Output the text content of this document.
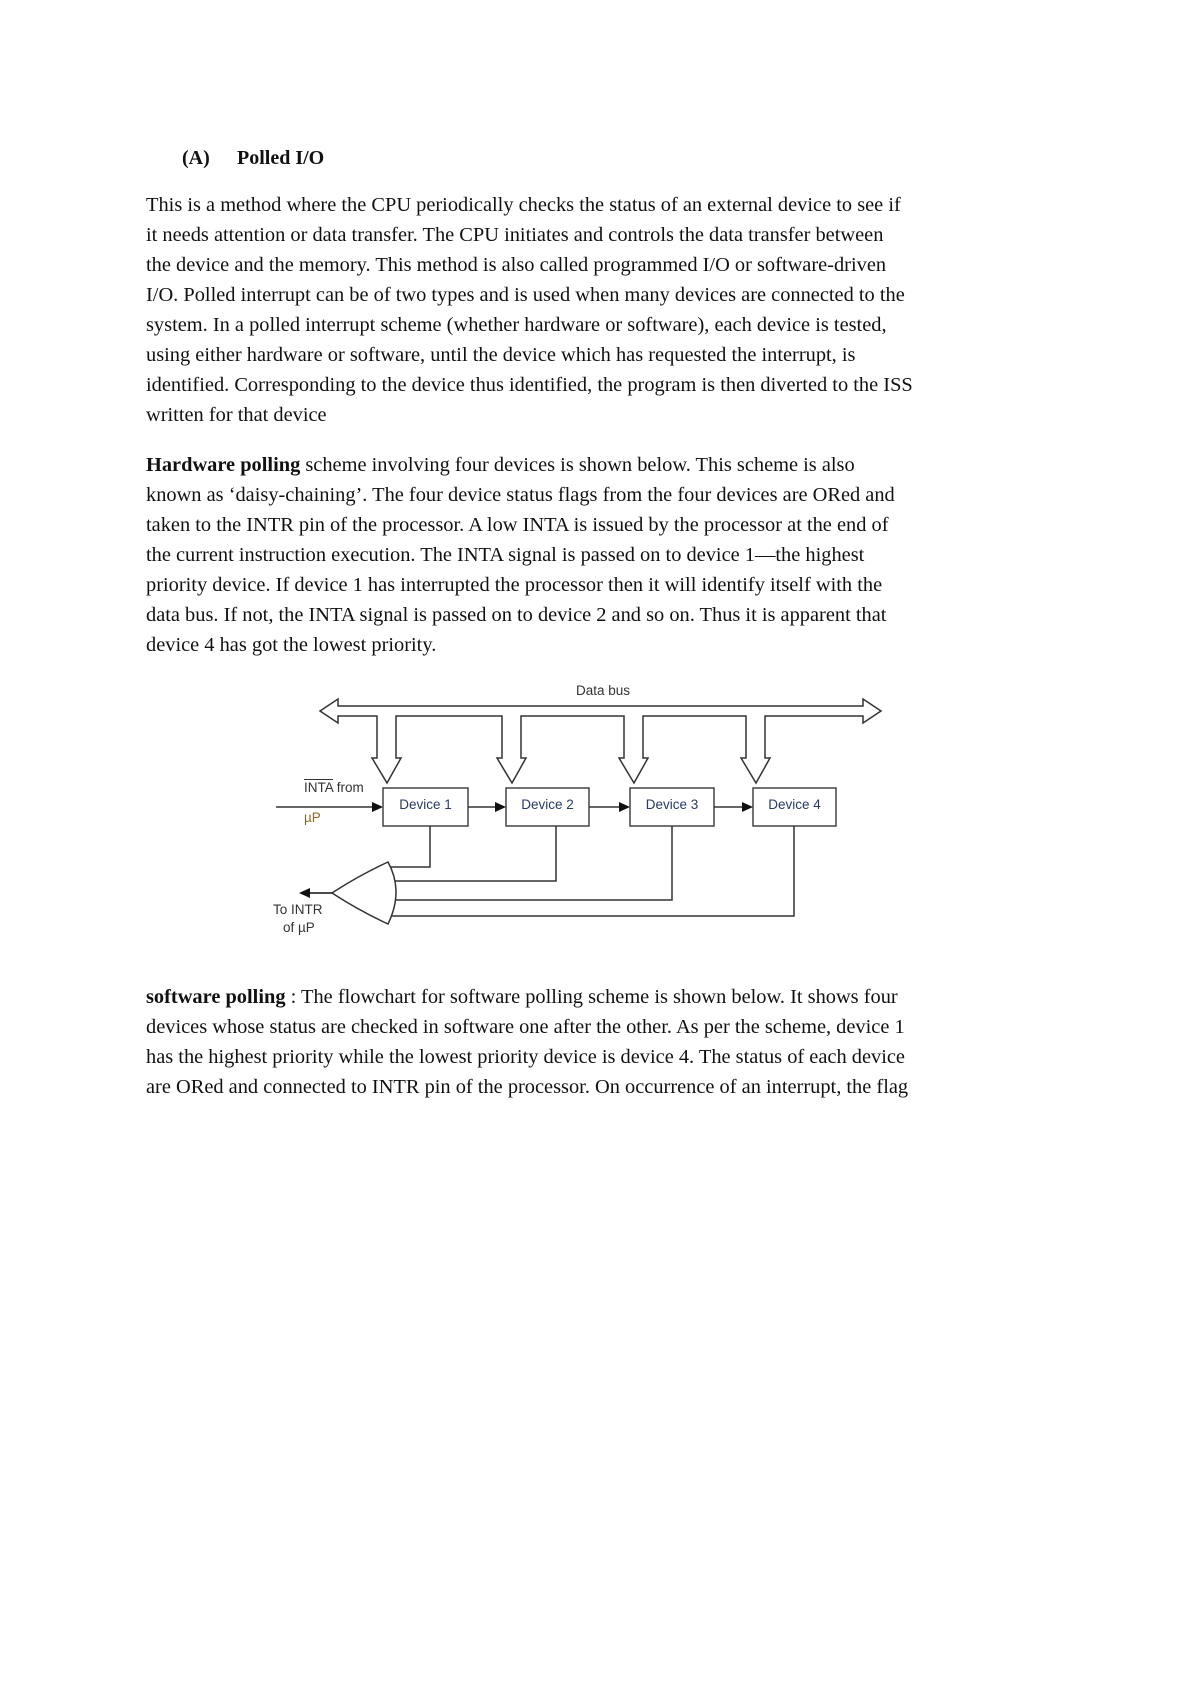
(A) Polled I/O

This is a method where the CPU periodically checks the status of an external device to see if
it needs attention or data transfer. The CPU initiates and controls the data transfer between
the device and the memory. This method is also called programmed I/O or software-driven
I/O. Polled interrupt can be of two types and is used when many devices are connected to the
system. In a polled interrupt scheme (whether hardware or software), each device is tested,
using either hardware or software, until the device which has requested the interrupt, is
identified. Corresponding to the device thus identified, the program is then diverted to the ISS
written for that device

Hardware polling scheme involving four devices is shown below. This scheme is also
known as ‘daisy-chaining’. The four device status flags from the four devices are ORed and
taken to the INTR pin of the processor. A low INTA is issued by the processor at the end of
the current instruction execution. The INTA signal is passed on to device 1—the highest
priority device. If device 1 has interrupted the processor then it will identify itself with the
data bus. If not, the INTA signal is passed on to device 2 and so on. Thus it is apparent that
device 4 has got the lowest priority.

Data bus
Device 1	Device 2	Device 3	Device 4
INTA from
µP
To INTR
of µP

software polling : The flowchart for software polling scheme is shown below. It shows four
devices whose status are checked in software one after the other. As per the scheme, device 1
has the highest priority while the lowest priority device is device 4. The status of each device
are ORed and connected to INTR pin of the processor. On occurrence of an interrupt, the flag
